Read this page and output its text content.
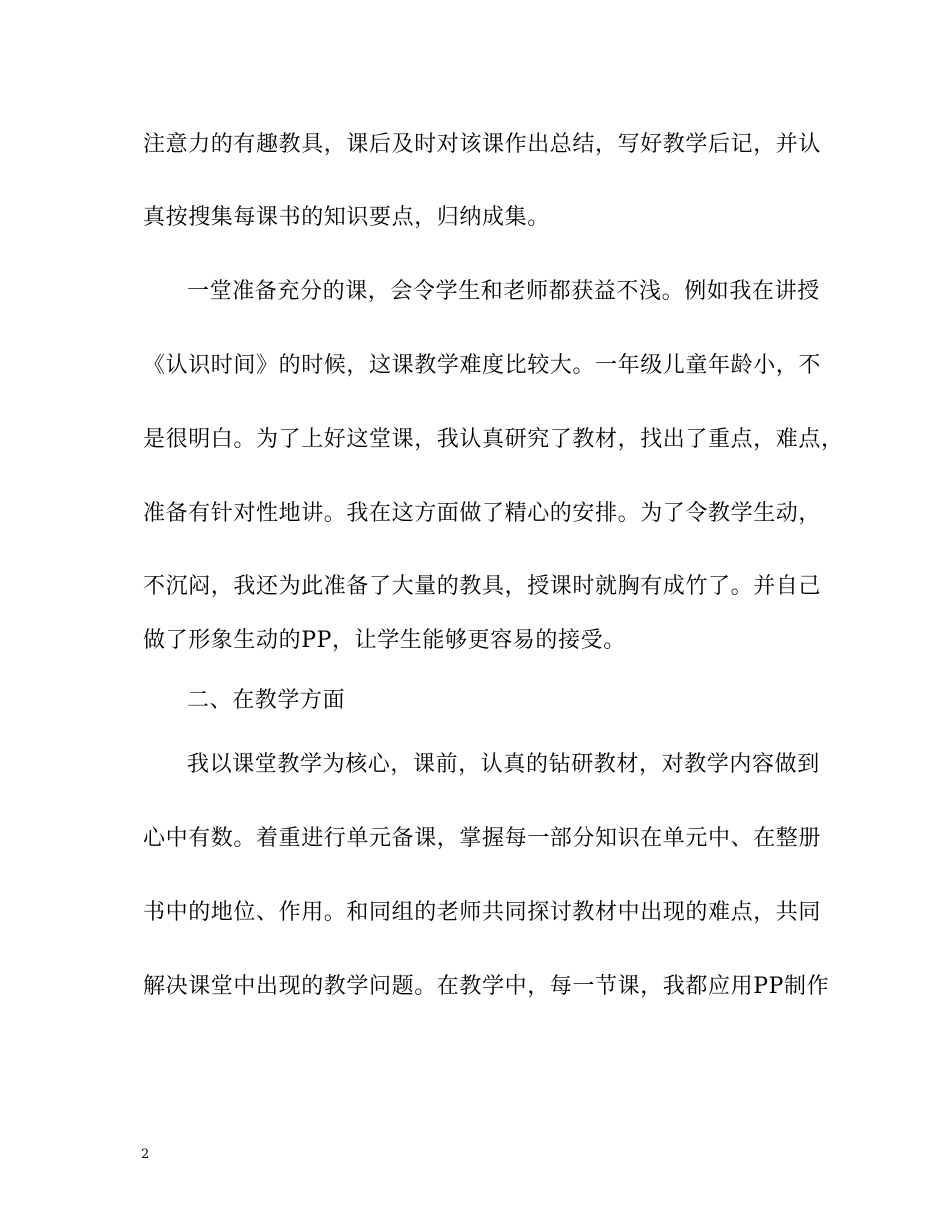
注意力的有趣教具，课后及时对该课作出总结，写好教学后记，并认
真按搜集每课书的知识要点，归纳成集。
一堂准备充分的课，会令学生和老师都获益不浅。例如我在讲授
《认识时间》的时候，这课教学难度比较大。一年级儿童年龄小，不
是很明白。为了上好这堂课，我认真研究了教材，找出了重点，难点，
准备有针对性地讲。我在这方面做了精心的安排。为了令教学生动，
不沉闷，我还为此准备了大量的教具，授课时就胸有成竹了。并自己
做了形象生动的PP，让学生能够更容易的接受。
二、在教学方面
我以课堂教学为核心，课前，认真的钻研教材，对教学内容做到
心中有数。着重进行单元备课，掌握每一部分知识在单元中、在整册
书中的地位、作用。和同组的老师共同探讨教材中出现的难点，共同
解决课堂中出现的教学问题。在教学中，每一节课，我都应用PP制作
2
